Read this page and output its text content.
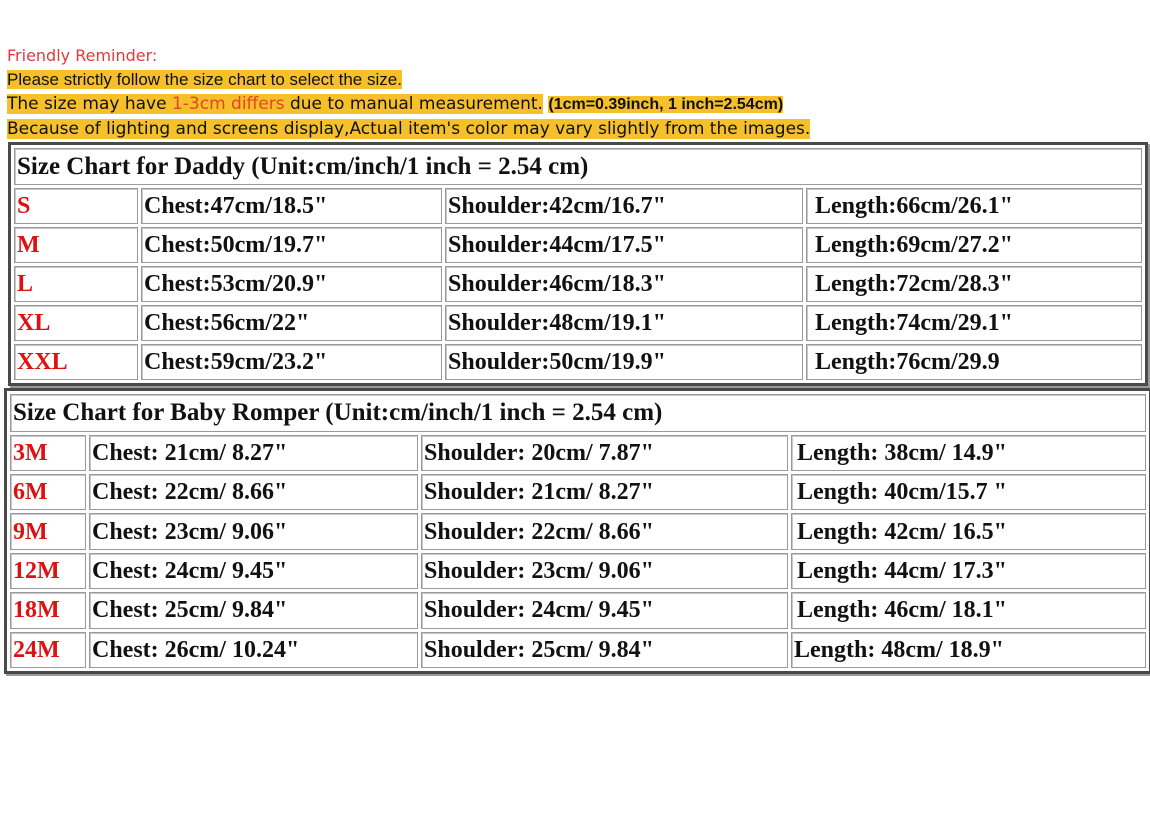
Friendly Reminder:
Please strictly follow the size chart to select the size.
The size may have 1-3cm differs due to manual measurement. (1cm=0.39inch, 1 inch=2.54cm)
Because of lighting and screens display,Actual item's color may vary slightly from the images.
Size Chart for Daddy (Unit:cm/inch/1 inch = 2.54 cm)			
S	Chest:47cm/18.5"	Shoulder:42cm/16.7"	Length:66cm/26.1"
M	Chest:50cm/19.7"	Shoulder:44cm/17.5"	Length:69cm/27.2"
L	Chest:53cm/20.9"	Shoulder:46cm/18.3"	Length:72cm/28.3"
XL	Chest:56cm/22"	Shoulder:48cm/19.1"	Length:74cm/29.1"
XXL	Chest:59cm/23.2"	Shoulder:50cm/19.9"	Length:76cm/29.9
Size Chart for Baby Romper (Unit:cm/inch/1 inch = 2.54 cm)			
3M	Chest: 21cm/ 8.27"	Shoulder: 20cm/ 7.87"	Length: 38cm/ 14.9"
6M	Chest: 22cm/ 8.66"	Shoulder: 21cm/ 8.27"	Length: 40cm/15.7 "
9M	Chest: 23cm/ 9.06"	Shoulder: 22cm/ 8.66"	Length: 42cm/ 16.5"
12M	Chest: 24cm/ 9.45"	Shoulder: 23cm/ 9.06"	Length: 44cm/ 17.3"
18M	Chest: 25cm/ 9.84"	Shoulder: 24cm/ 9.45"	Length: 46cm/ 18.1"
24M	Chest: 26cm/ 10.24"	Shoulder: 25cm/ 9.84"	Length: 48cm/ 18.9"
